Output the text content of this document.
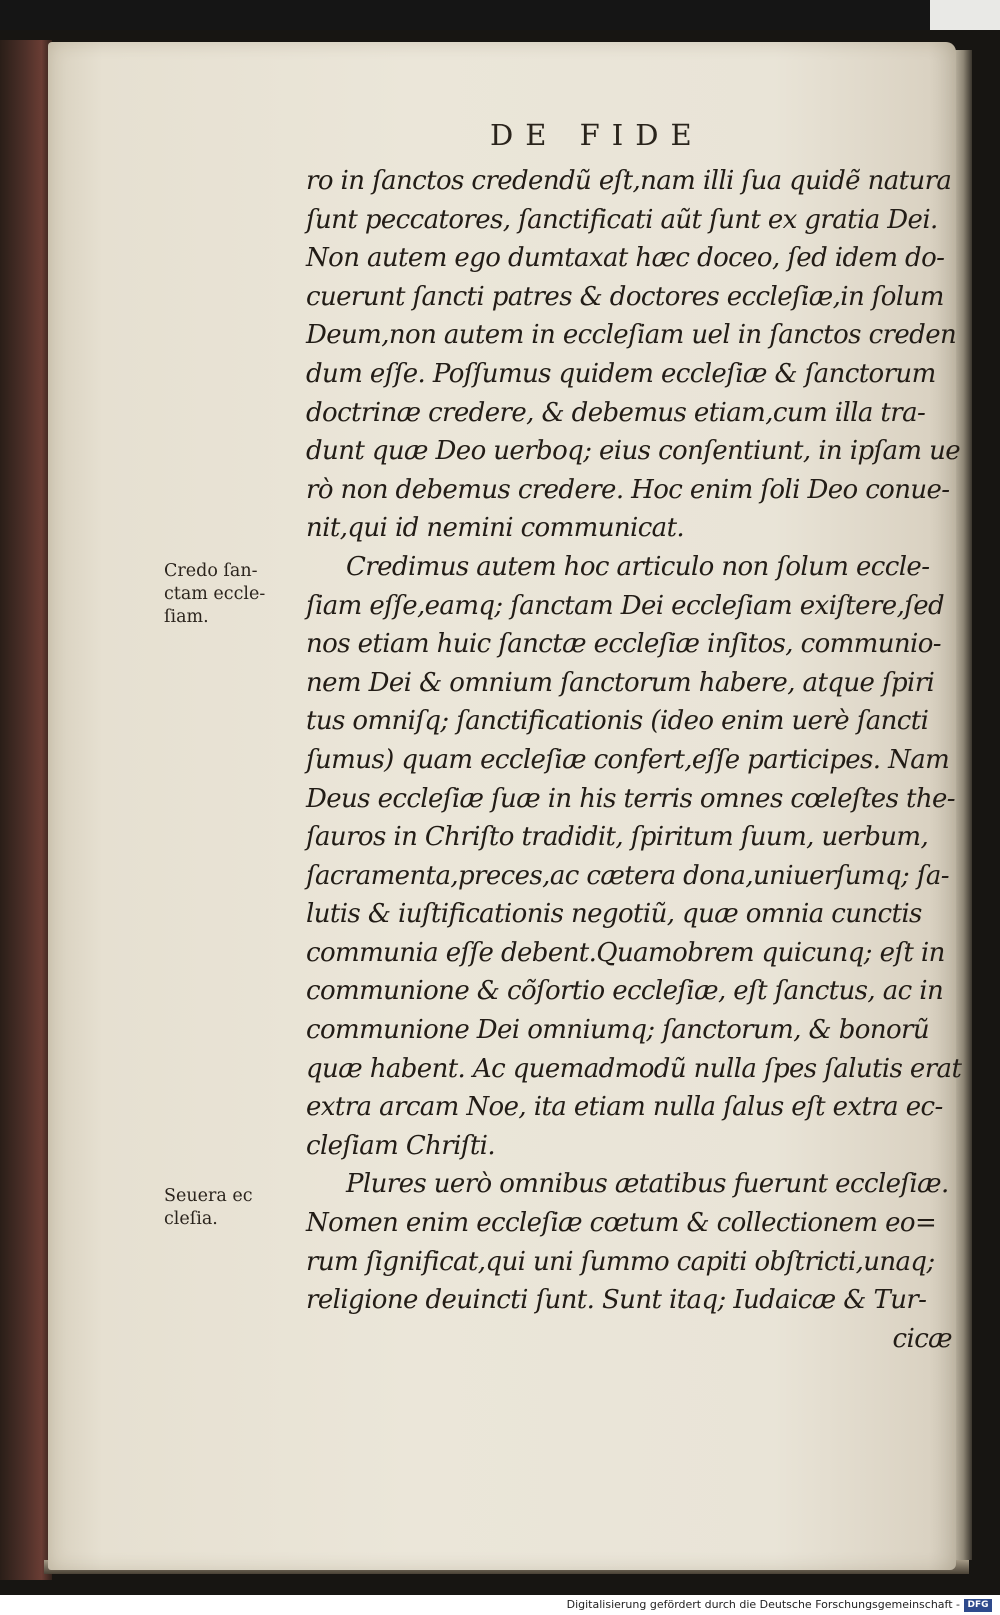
DE FIDE
Credo ſan-
ctam eccle-
ſiam.
Seuera ec
cleſia.
ro in ſanctos credendũ eſt,nam illi ſua quidẽ natura
ſunt peccatores, ſanctificati aũt ſunt ex gratia Dei.
Non autem ego dumtaxat hæc doceo, ſed idem do-
cuerunt ſancti patres & doctores eccleſiæ,in ſolum
Deum,non autem in eccleſiam uel in ſanctos creden
dum eſſe. Poſſumus quidem eccleſiæ & ſanctorum
doctrinæ credere, & debemus etiam,cum illa tra-
dunt quæ Deo uerboq; eius conſentiunt, in ipſam ue
rò non debemus credere. Hoc enim ſoli Deo conue-
nit,qui id nemini communicat.
Credimus autem hoc articulo non ſolum eccle-
ſiam eſſe,eamq; ſanctam Dei eccleſiam exiſtere,ſed
nos etiam huic ſanctæ eccleſiæ inſitos, communio-
nem Dei & omnium ſanctorum habere, atque ſpiri
tus omniſq; ſanctificationis (ideo enim uerè ſancti
ſumus) quam eccleſiæ confert,eſſe participes. Nam
Deus eccleſiæ ſuæ in his terris omnes cœleſtes the-
ſauros in Chriſto tradidit, ſpiritum ſuum, uerbum,
ſacramenta,preces,ac cætera dona,uniuerſumq; ſa-
lutis & iuſtificationis negotiũ, quæ omnia cunctis
communia eſſe debent.Quamobrem quicunq; eſt in
communione & cõſortio eccleſiæ, eſt ſanctus, ac in
communione Dei omniumq; ſanctorum, & bonorũ
quæ habent. Ac quemadmodũ nulla ſpes ſalutis erat
extra arcam Noe, ita etiam nulla ſalus eſt extra ec-
cleſiam Chriſti.
Plures uerò omnibus ætatibus fuerunt eccleſiæ.
Nomen enim eccleſiæ cœtum & collectionem eo=
rum ſignificat,qui uni ſummo capiti obſtricti,unaq;
religione deuincti ſunt. Sunt itaq; Iudaicæ & Tur-
cicæ
Digitalisierung gefördert durch die Deutsche Forschungsgemeinschaft - DFG
